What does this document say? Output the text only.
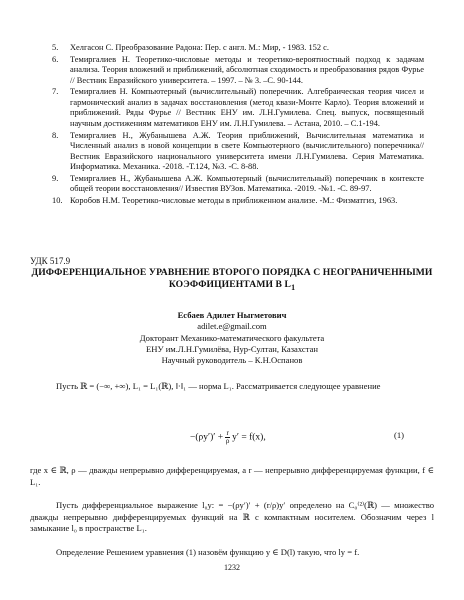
5.	Хелгасон С. Преобразование Радона: Пер. с англ. М.: Мир, - 1983. 152 с.
6.	Темиргалиев Н. Теоретико-числовые методы и теоретико-вероятностный подход к задачам анализа. Теория вложений и приближений, абсолютная сходимость и преобразования рядов Фурье // Вестник Евразийского университета. – 1997. – № 3. –С. 90-144.
7.	Темиргалиев Н. Компьютерный (вычислительный) поперечник. Алгебраическая теория чисел и гармонический анализ в задачах восстановления (метод квази-Монте Карло). Теория вложений и приближений. Ряды Фурье // Вестник ЕНУ им. Л.Н.Гумилева. Спец. выпуск, посвященный научным достижениям математиков ЕНУ им. Л.Н.Гумилева. – Астана, 2010. – С.1-194.
8.	Темиргалиев Н., Жубанышева А.Ж. Теория приближений, Вычислительная математика и Численный анализ в новой концепции в свете Компьютерного (вычислительного) поперечника// Вестник Евразийского национального университета имени Л.Н.Гумилева. Серия Математика. Информатика. Механика. -2018. -Т.124, №3. -С. 8-88.
9.	Темиргалиев Н., Жубанышева А.Ж. Компьютерный (вычислительный) поперечник в контексте общей теории восстановления// Известия ВУЗов. Математика. -2019. -№1. -С. 89-97.
10. Коробов Н.М. Теоретико-числовые методы в приближенном анализе. -М.: Физматгиз, 1963.
УДК 517.9
ДИФФЕРЕНЦИАЛЬНОЕ УРАВНЕНИЕ ВТОРОГО ПОРЯДКА С НЕОГРАНИЧЕННЫМИ
КОЭФФИЦИЕНТАМИ В $L_1$
Есбаев Адилет Ныгметович
adilet.e@gmail.com
Докторант Механико-математического факультета
ЕНУ им.Л.Н.Гумилёва, Нур-Султан, Казахстан
Научный руководитель – К.Н.Оспанов
Пусть ℝ = (−∞, +∞), L₁ = L₁(ℝ), ‖·‖₁ — норма L₁. Рассматривается следующее уравнение
$-(\rho y')' + \frac{r}{\rho} y' = f(x)$,	(1)
где x ∈ ℝ, ρ — дважды непрерывно дифференцируемая, а r — непрерывно дифференцируемая функции, f ∈ L₁.
Пусть дифференциальное выражение l₀y: = −(ρy′)′ + (r/ρ)y′ определено на C₀⁽²⁾(ℝ) — множество дважды непрерывно дифференцируемых функций на ℝ с компактным носителем. Обозначим через l замыкание l₀ в пространстве L₁.
Определение Решением уравнения (1) назовём функцию y ∈ D(l) такую, что ly = f.
1232
